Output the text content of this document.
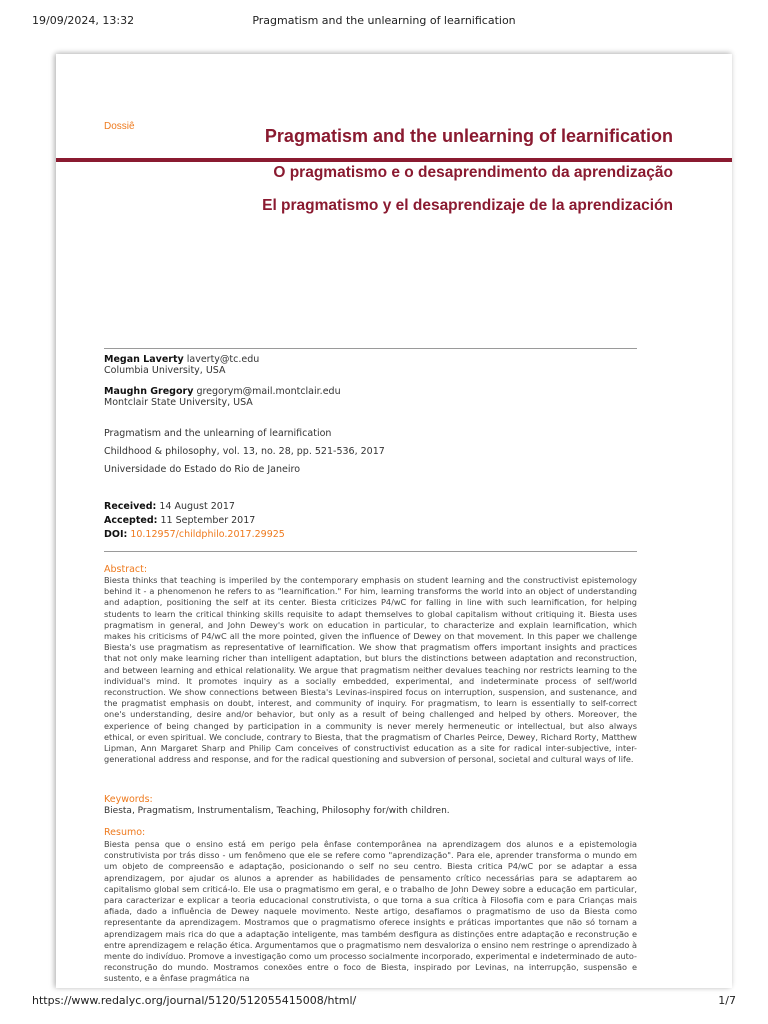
19/09/2024, 13:32	Pragmatism and the unlearning of learnification
Dossiê	Pragmatism and the unlearning of learnification
O pragmatismo e o desaprendimento da aprendização
El pragmatismo y el desaprendizaje de la aprendización
Megan Laverty laverty@tc.edu
Columbia University, USA
Maughn Gregory gregorym@mail.montclair.edu
Montclair State University, USA
Pragmatism and the unlearning of learnification
Childhood & philosophy, vol. 13, no. 28, pp. 521-536, 2017
Universidade do Estado do Rio de Janeiro
Received: 14 August 2017
Accepted: 11 September 2017
DOI: 10.12957/childphilo.2017.29925
Abstract:

Biesta thinks that teaching is imperiled by the contemporary emphasis on student learning and the constructivist epistemology behind it - a phenomenon he refers to as "learnification." For him, learning transforms the world into an object of understanding and adaption, positioning the self at its center. Biesta criticizes P4/wC for falling in line with such learnification, for helping students to learn the critical thinking skills requisite to adapt themselves to global capitalism without critiquing it. Biesta uses pragmatism in general, and John Dewey's work on education in particular, to characterize and explain learnification, which makes his criticisms of P4/wC all the more pointed, given the influence of Dewey on that movement. In this paper we challenge Biesta's use pragmatism as representative of learnification. We show that pragmatism offers important insights and practices that not only make learning richer than intelligent adaptation, but blurs the distinctions between adaptation and reconstruction, and between learning and ethical relationality. We argue that pragmatism neither devalues teaching nor restricts learning to the individual's mind. It promotes inquiry as a socially embedded, experimental, and indeterminate process of self/world reconstruction. We show connections between Biesta's Levinas-inspired focus on interruption, suspension, and sustenance, and the pragmatist emphasis on doubt, interest, and community of inquiry. For pragmatism, to learn is essentially to self-correct one's understanding, desire and/or behavior, but only as a result of being challenged and helped by others. Moreover, the experience of being changed by participation in a community is never merely hermeneutic or intellectual, but also always ethical, or even spiritual. We conclude, contrary to Biesta, that the pragmatism of Charles Peirce, Dewey, Richard Rorty, Matthew Lipman, Ann Margaret Sharp and Philip Cam conceives of constructivist education as a site for radical inter-subjective, inter-generational address and response, and for the radical questioning and subversion of personal, societal and cultural ways of life.

Keywords:
Biesta, Pragmatism, Instrumentalism, Teaching, Philosophy for/with children.
Resumo:

Biesta pensa que o ensino está em perigo pela ênfase contemporânea na aprendizagem dos alunos e a epistemologia construtivista por trás disso - um fenômeno que ele se refere como "aprendização". Para ele, aprender transforma o mundo em um objeto de compreensão e adaptação, posicionando o self no seu centro. Biesta critica P4/wC por se adaptar a essa aprendizagem, por ajudar os alunos a aprender as habilidades de pensamento crítico necessárias para se adaptarem ao capitalismo global sem criticá-lo. Ele usa o pragmatismo em geral, e o trabalho de John Dewey sobre a educação em particular, para caracterizar e explicar a teoria educacional construtivista, o que torna a sua crítica à Filosofia com e para Crianças mais afiada, dado a influência de Dewey naquele movimento. Neste artigo, desafiamos o pragmatismo de uso da Biesta como representante da aprendizagem. Mostramos que o pragmatismo oferece insights e práticas importantes que não só tornam a aprendizagem mais rica do que a adaptação inteligente, mas também desfigura as distinções entre adaptação e reconstrução e entre aprendizagem e relação ética. Argumentamos que o pragmatismo nem desvaloriza o ensino nem restringe o aprendizado à mente do indivíduo. Promove a investigação como um processo socialmente incorporado, experimental e indeterminado de auto-reconstrução do mundo. Mostramos conexões entre o foco de Biesta, inspirado por Levinas, na interrupção, suspensão e sustento, e a ênfase pragmática na

https://www.redalyc.org/journal/5120/512055415008/html/	1/7
